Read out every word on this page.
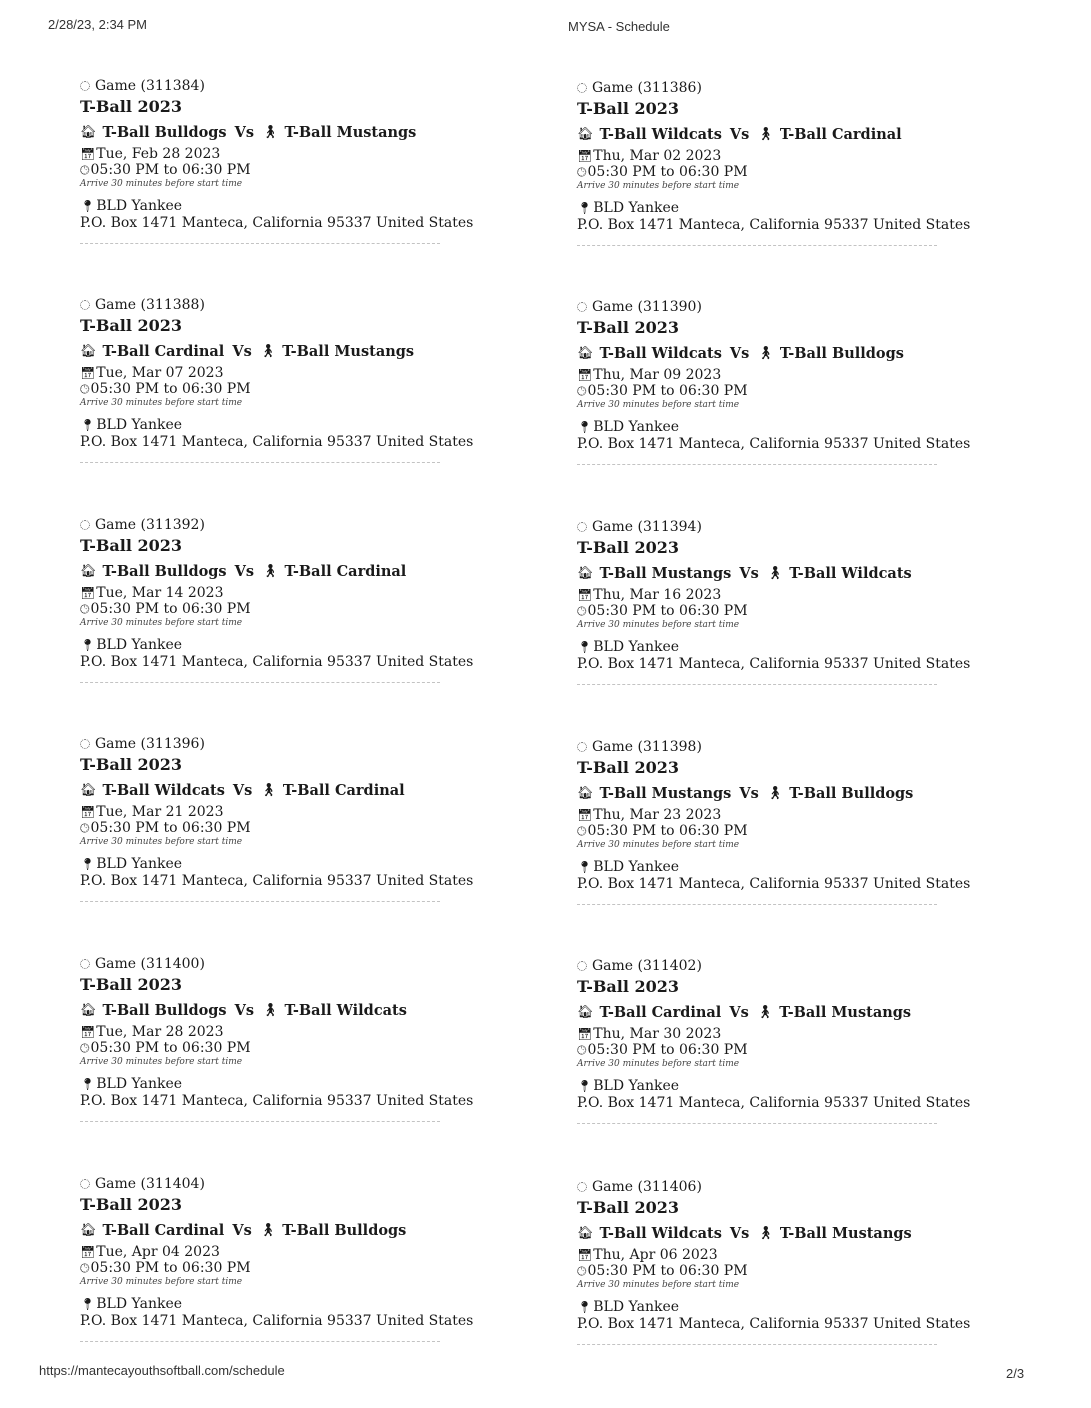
2/28/23, 2:34 PM	MYSA - Schedule
Game (311384)
T-Ball 2023
🏠︎ T-Ball Bulldogs Vs 🚶︎ T-Ball Mustangs
📅︎ Tue, Feb 28 2023
🕒︎ 05:30 PM to 06:30 PM
Arrive 30 minutes before start time
📍︎ BLD Yankee
P.O. Box 1471 Manteca, California 95337 United States
Game (311386)
T-Ball 2023
🏠︎ T-Ball Wildcats Vs 🚶︎ T-Ball Cardinal
📅︎ Thu, Mar 02 2023
🕒︎ 05:30 PM to 06:30 PM
Arrive 30 minutes before start time
📍︎ BLD Yankee
P.O. Box 1471 Manteca, California 95337 United States
Game (311388)
T-Ball 2023
🏠︎ T-Ball Cardinal Vs 🚶︎ T-Ball Mustangs
📅︎ Tue, Mar 07 2023
🕒︎ 05:30 PM to 06:30 PM
Arrive 30 minutes before start time
📍︎ BLD Yankee
P.O. Box 1471 Manteca, California 95337 United States
Game (311390)
T-Ball 2023
🏠︎ T-Ball Wildcats Vs 🚶︎ T-Ball Bulldogs
📅︎ Thu, Mar 09 2023
🕒︎ 05:30 PM to 06:30 PM
Arrive 30 minutes before start time
📍︎ BLD Yankee
P.O. Box 1471 Manteca, California 95337 United States
Game (311392)
T-Ball 2023
🏠︎ T-Ball Bulldogs Vs 🚶︎ T-Ball Cardinal
📅︎ Tue, Mar 14 2023
🕒︎ 05:30 PM to 06:30 PM
Arrive 30 minutes before start time
📍︎ BLD Yankee
P.O. Box 1471 Manteca, California 95337 United States
Game (311394)
T-Ball 2023
🏠︎ T-Ball Mustangs Vs 🚶︎ T-Ball Wildcats
📅︎ Thu, Mar 16 2023
🕒︎ 05:30 PM to 06:30 PM
Arrive 30 minutes before start time
📍︎ BLD Yankee
P.O. Box 1471 Manteca, California 95337 United States
Game (311396)
T-Ball 2023
🏠︎ T-Ball Wildcats Vs 🚶︎ T-Ball Cardinal
📅︎ Tue, Mar 21 2023
🕒︎ 05:30 PM to 06:30 PM
Arrive 30 minutes before start time
📍︎ BLD Yankee
P.O. Box 1471 Manteca, California 95337 United States
Game (311398)
T-Ball 2023
🏠︎ T-Ball Mustangs Vs 🚶︎ T-Ball Bulldogs
📅︎ Thu, Mar 23 2023
🕒︎ 05:30 PM to 06:30 PM
Arrive 30 minutes before start time
📍︎ BLD Yankee
P.O. Box 1471 Manteca, California 95337 United States
Game (311400)
T-Ball 2023
🏠︎ T-Ball Bulldogs Vs 🚶︎ T-Ball Wildcats
📅︎ Tue, Mar 28 2023
🕒︎ 05:30 PM to 06:30 PM
Arrive 30 minutes before start time
📍︎ BLD Yankee
P.O. Box 1471 Manteca, California 95337 United States
Game (311402)
T-Ball 2023
🏠︎ T-Ball Cardinal Vs 🚶︎ T-Ball Mustangs
📅︎ Thu, Mar 30 2023
🕒︎ 05:30 PM to 06:30 PM
Arrive 30 minutes before start time
📍︎ BLD Yankee
P.O. Box 1471 Manteca, California 95337 United States
Game (311404)
T-Ball 2023
🏠︎ T-Ball Cardinal Vs 🚶︎ T-Ball Bulldogs
📅︎ Tue, Apr 04 2023
🕒︎ 05:30 PM to 06:30 PM
Arrive 30 minutes before start time
📍︎ BLD Yankee
P.O. Box 1471 Manteca, California 95337 United States
Game (311406)
T-Ball 2023
🏠︎ T-Ball Wildcats Vs 🚶︎ T-Ball Mustangs
📅︎ Thu, Apr 06 2023
🕒︎ 05:30 PM to 06:30 PM
Arrive 30 minutes before start time
📍︎ BLD Yankee
P.O. Box 1471 Manteca, California 95337 United States
https://mantecayouthsoftball.com/schedule	2/3
